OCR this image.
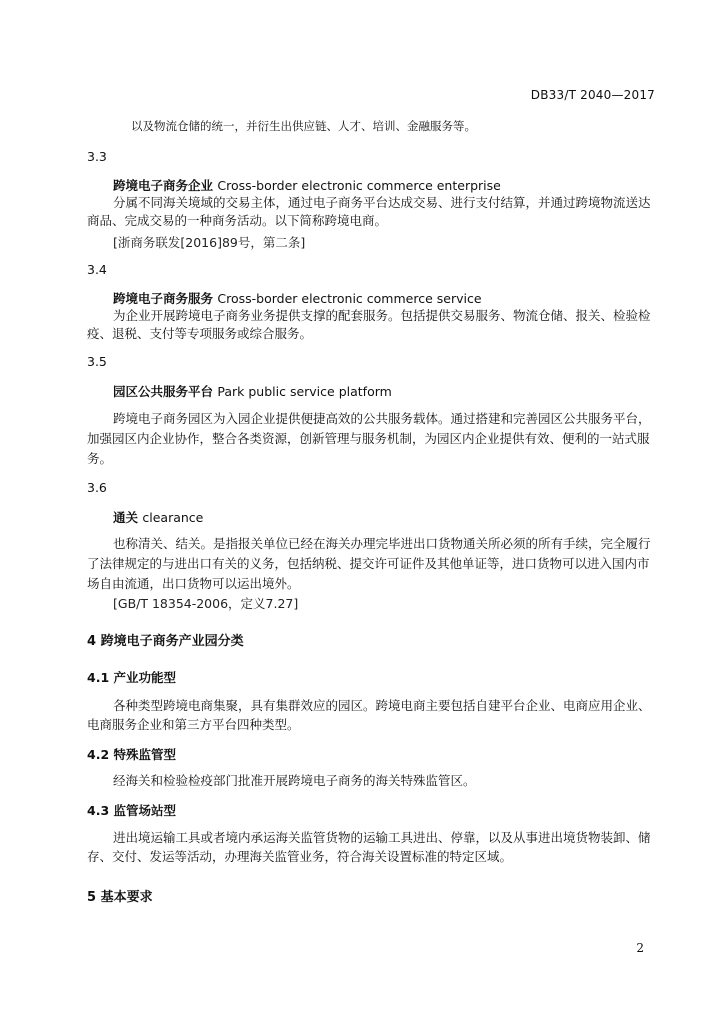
DB33/T 2040—2017
以及物流仓储的统一，并衍生出供应链、人才、培训、金融服务等。
3.3
跨境电子商务企业 Cross-border electronic commerce enterprise
分属不同海关境域的交易主体，通过电子商务平台达成交易、进行支付结算，并通过跨境物流送达
商品、完成交易的一种商务活动。以下简称跨境电商。
[浙商务联发[2016]89号，第二条]
3.4
跨境电子商务服务 Cross-border electronic commerce service
为企业开展跨境电子商务业务提供支撑的配套服务。包括提供交易服务、物流仓储、报关、检验检
疫、退税、支付等专项服务或综合服务。
3.5
园区公共服务平台 Park public service platform
跨境电子商务园区为入园企业提供便捷高效的公共服务载体。通过搭建和完善园区公共服务平台，
加强园区内企业协作，整合各类资源，创新管理与服务机制，为园区内企业提供有效、便利的一站式服
务。
3.6
通关 clearance
也称清关、结关。是指报关单位已经在海关办理完毕进出口货物通关所必须的所有手续，完全履行
了法律规定的与进出口有关的义务，包括纳税、提交许可证件及其他单证等，进口货物可以进入国内市
场自由流通，出口货物可以运出境外。
[GB/T 18354-2006，定义7.27]
4 跨境电子商务产业园分类
4.1 产业功能型
各种类型跨境电商集聚，具有集群效应的园区。跨境电商主要包括自建平台企业、电商应用企业、
电商服务企业和第三方平台四种类型。
4.2 特殊监管型
经海关和检验检疫部门批准开展跨境电子商务的海关特殊监管区。
4.3 监管场站型
进出境运输工具或者境内承运海关监管货物的运输工具进出、停靠，以及从事进出境货物装卸、储
存、交付、发运等活动，办理海关监管业务，符合海关设置标准的特定区域。
5 基本要求
2
